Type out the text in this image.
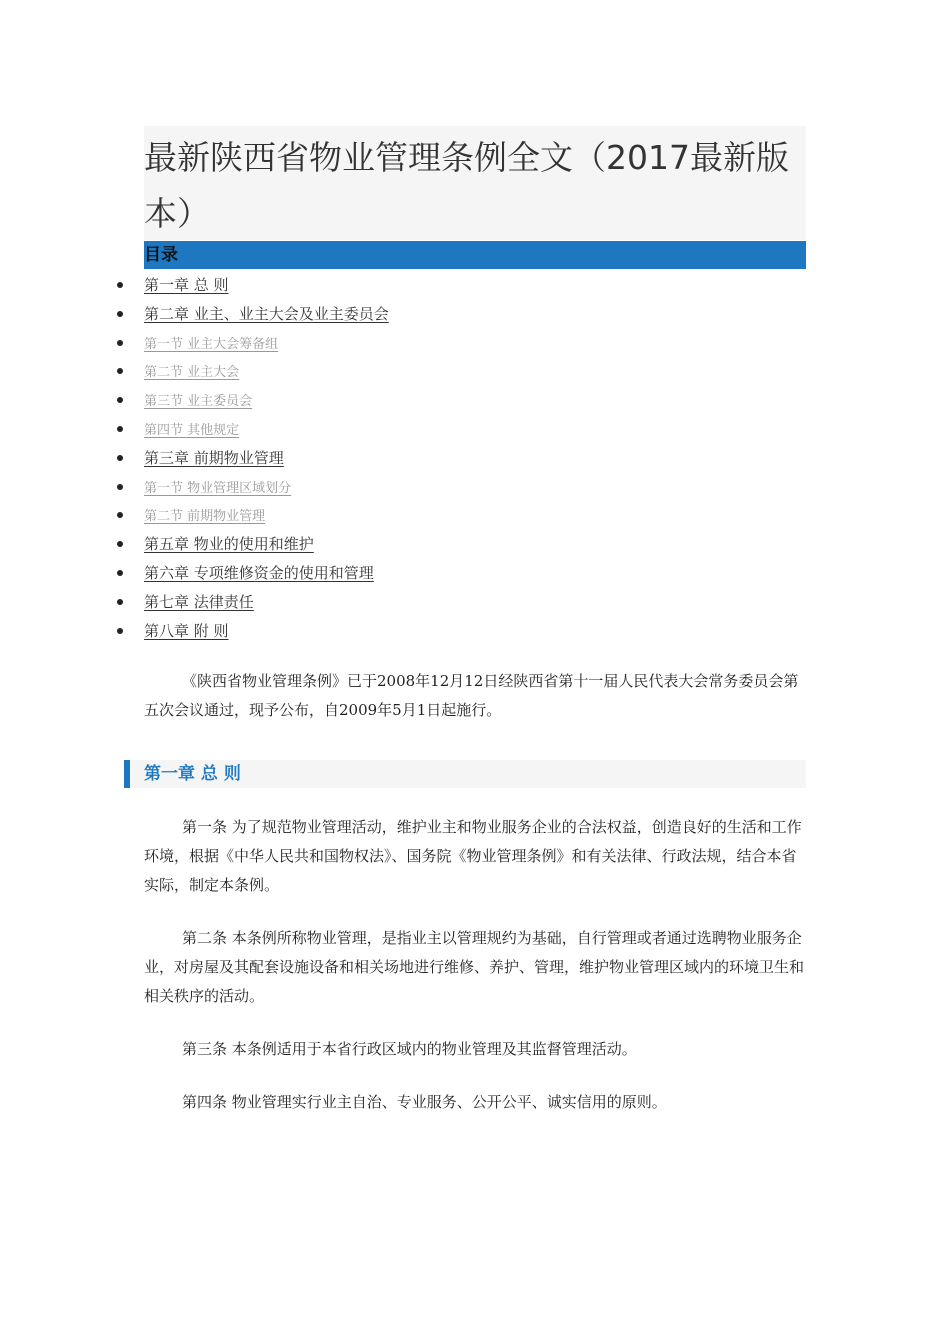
最新陕西省物业管理条例全文（2017最新版本）
目录
第一章 总 则
第二章 业主、业主大会及业主委员会
第一节 业主大会筹备组
第二节 业主大会
第三节 业主委员会
第四节 其他规定
第三章 前期物业管理
第一节 物业管理区域划分
第二节 前期物业管理
第五章 物业的使用和维护
第六章 专项维修资金的使用和管理
第七章 法律责任
第八章 附 则

《陕西省物业管理条例》已于2008年12月12日经陕西省第十一届人民代表大会常务委员会第五次会议通过，现予公布，自2009年5月1日起施行。

第一章 总 则

第一条 为了规范物业管理活动，维护业主和物业服务企业的合法权益，创造良好的生活和工作环境，根据《中华人民共和国物权法》、国务院《物业管理条例》和有关法律、行政法规，结合本省实际，制定本条例。

第二条 本条例所称物业管理，是指业主以管理规约为基础，自行管理或者通过选聘物业服务企业，对房屋及其配套设施设备和相关场地进行维修、养护、管理，维护物业管理区域内的环境卫生和相关秩序的活动。

第三条 本条例适用于本省行政区域内的物业管理及其监督管理活动。

第四条 物业管理实行业主自治、专业服务、公开公平、诚实信用的原则。
